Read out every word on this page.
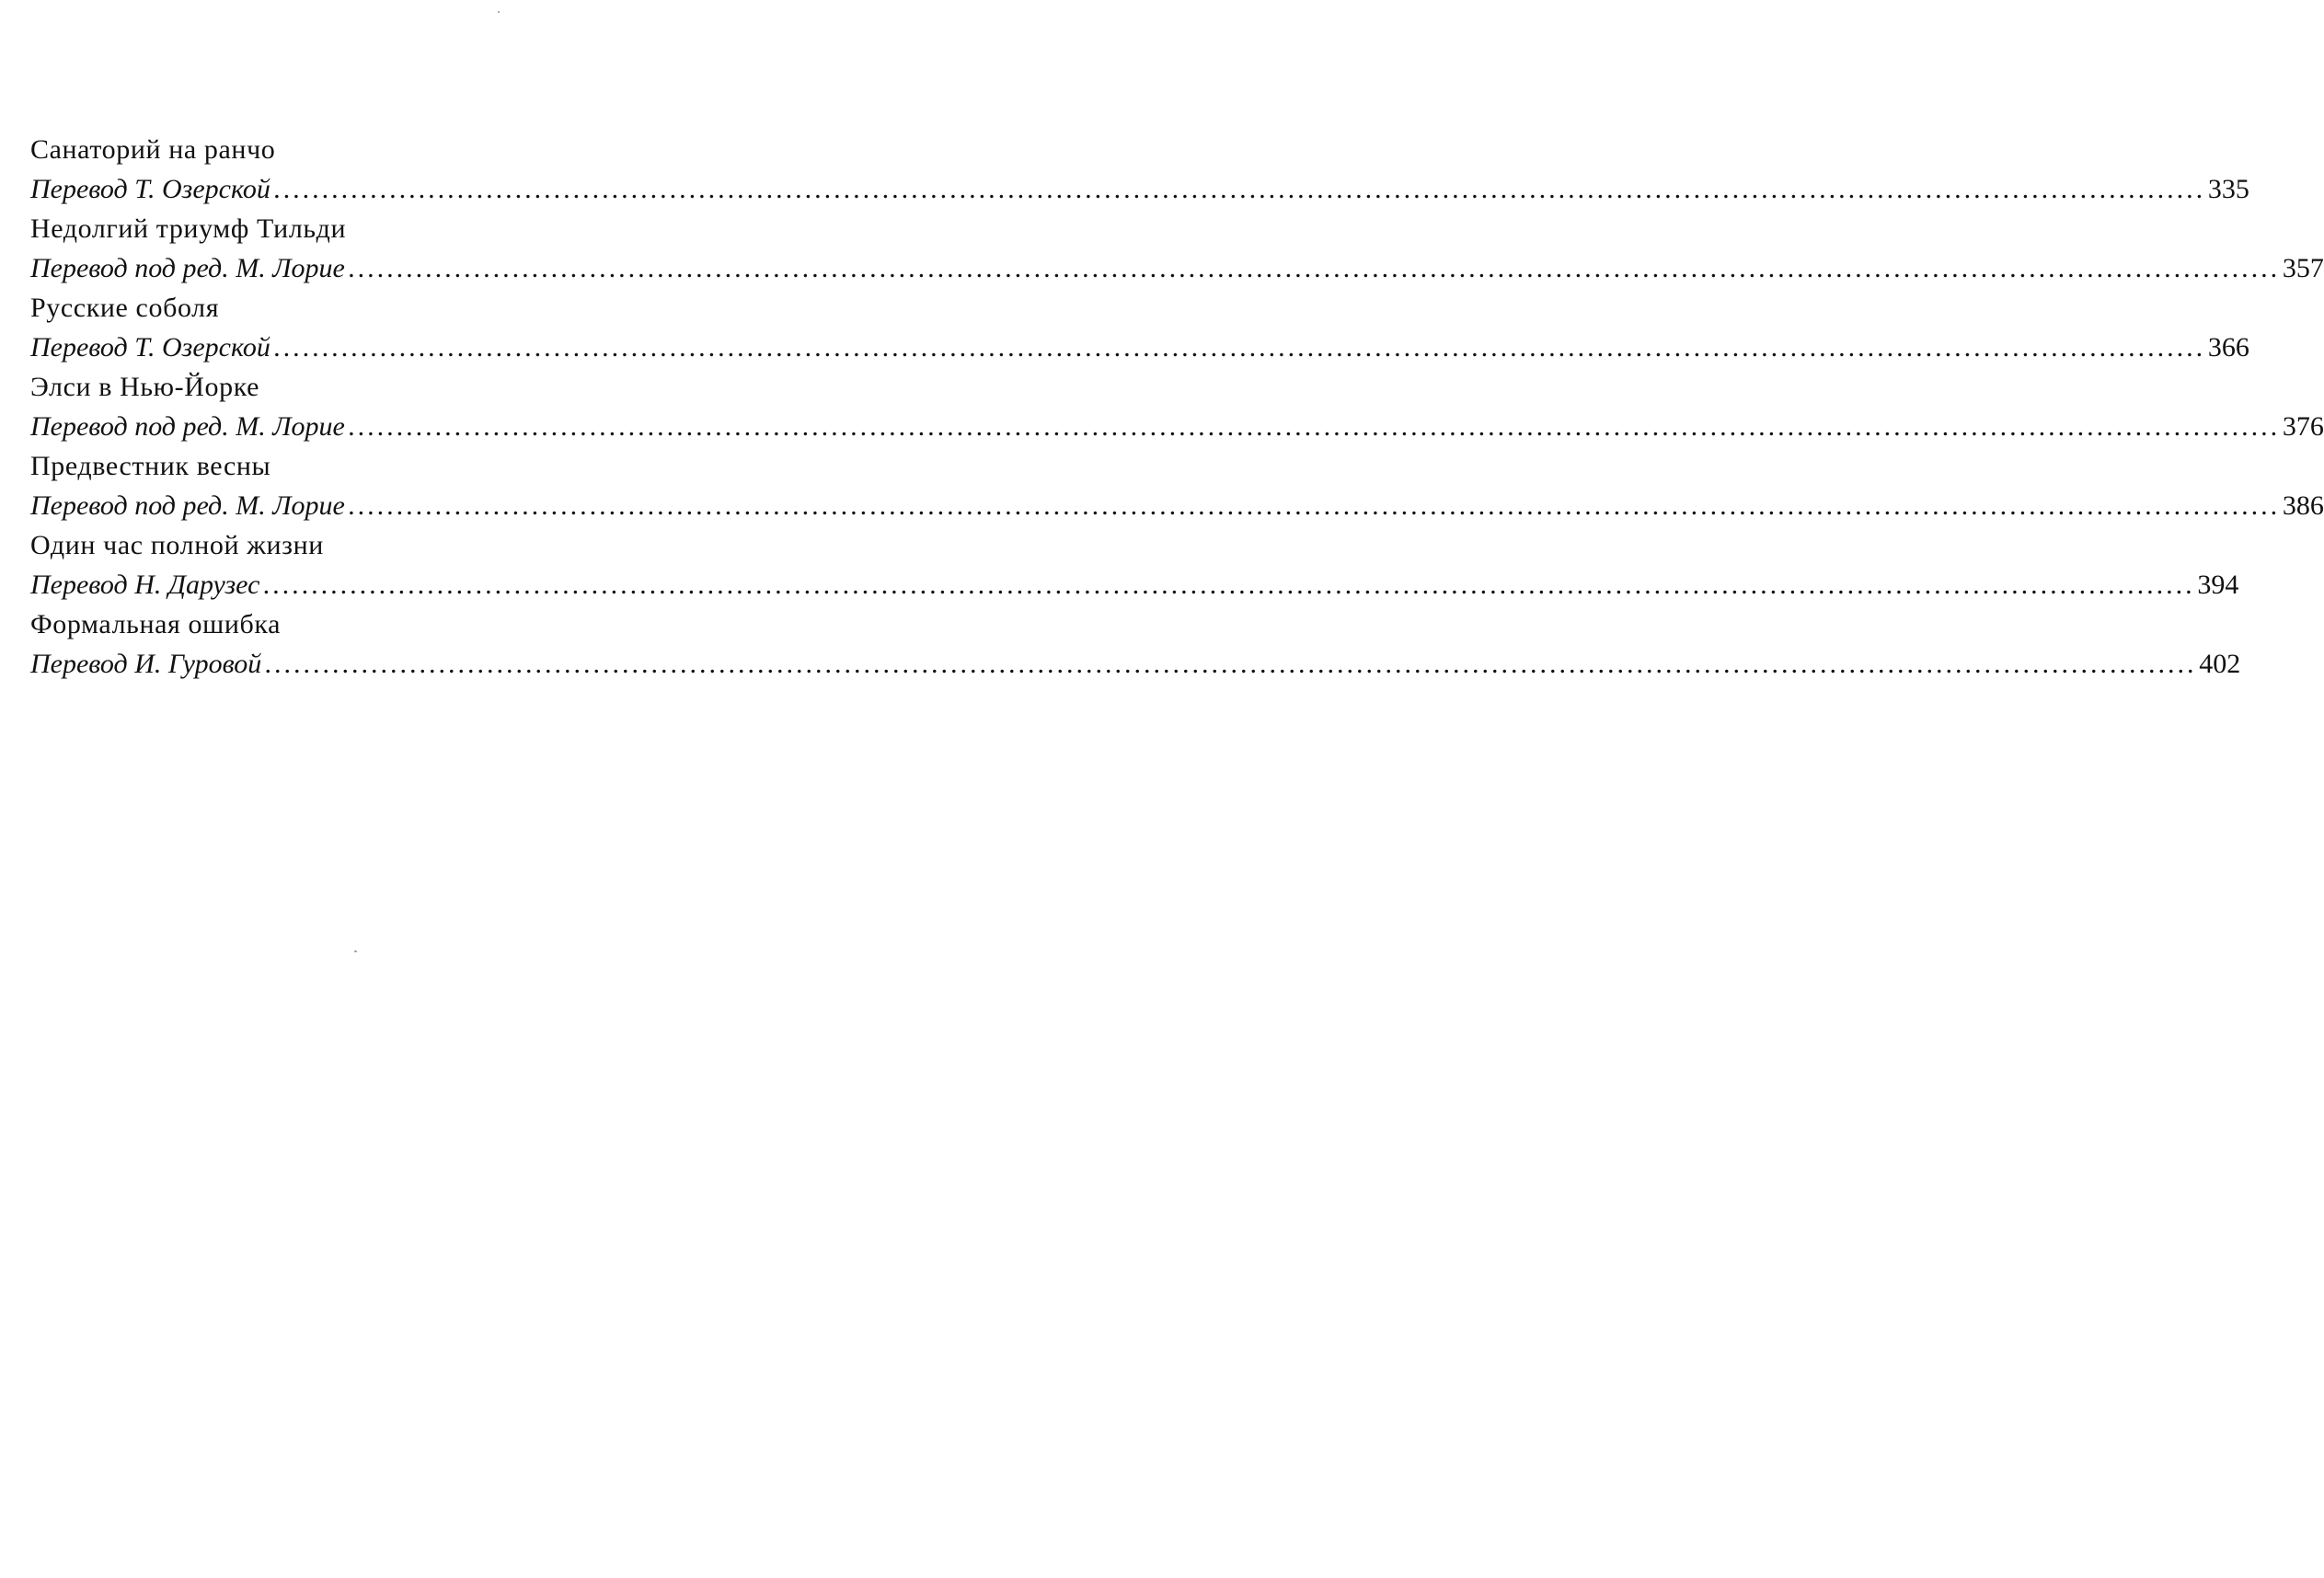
Санаторий на ранчо
Перевод Т. Озерской ........................................................................................................................................................................................................ 335
Недолгий триумф Тильди
Перевод под ред. М. Лорие ........................................................................................................................................................................................................ 357
Русские соболя
Перевод Т. Озерской ........................................................................................................................................................................................................ 366
Элси в Нью-Йорке
Перевод под ред. М. Лорие ........................................................................................................................................................................................................ 376
Предвестник весны
Перевод под ред. М. Лорие ........................................................................................................................................................................................................ 386
Один час полной жизни
Перевод Н. Дарузес ........................................................................................................................................................................................................ 394
Формальная ошибка
Перевод И. Гуровой ........................................................................................................................................................................................................ 402
